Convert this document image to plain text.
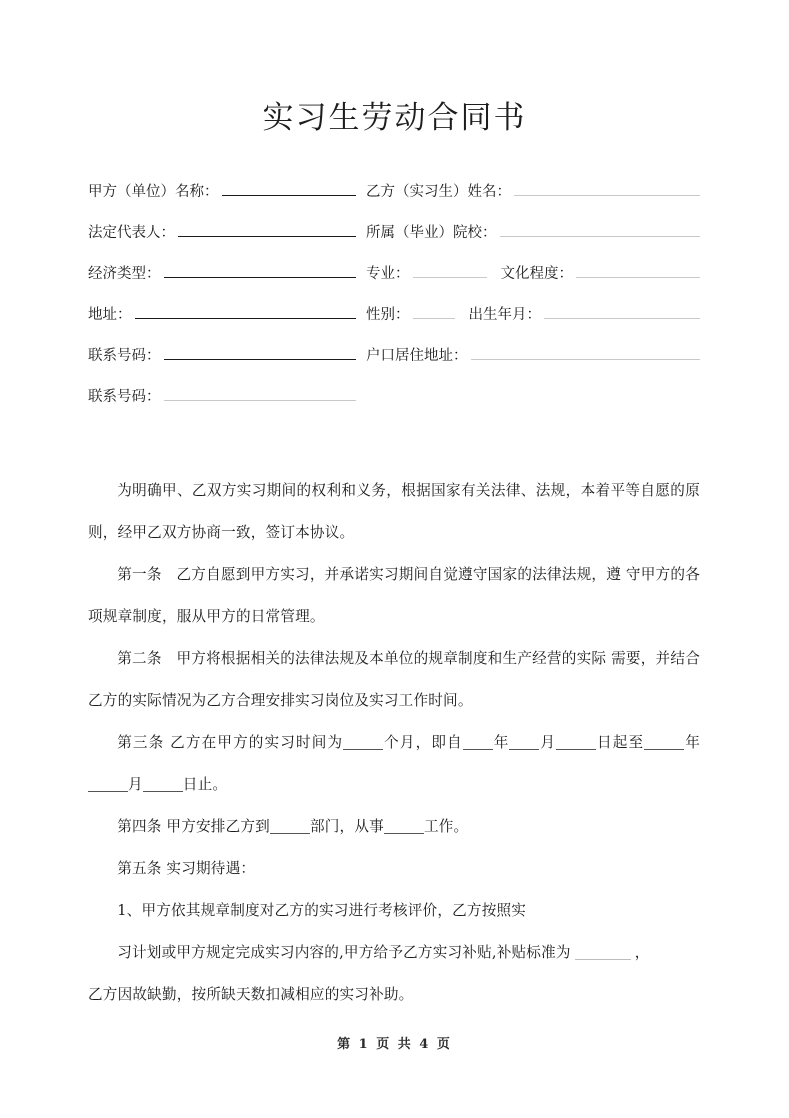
实习生劳动合同书
甲方（单位）名称：	乙方（实习生）姓名：
法定代表人：	所属（毕业）院校：
经济类型：	专业：	文化程度：
地址：	性别：	出生年月：
联系号码：	户口居住地址：
联系号码：

为明确甲、乙双方实习期间的权利和义务，根据国家有关法律、法规，本着平等自愿的原则，经甲乙双方协商一致，签订本协议。

第一条　乙方自愿到甲方实习，并承诺实习期间自觉遵守国家的法律法规，遵 守甲方的各项规章制度，服从甲方的日常管理。

第二条　甲方将根据相关的法律法规及本单位的规章制度和生产经营的实际 需要，并结合乙方的实际情况为乙方合理安排实习岗位及实习工作时间。

第三条 乙方在甲方的实习时间为	个月，即自 年 月	日起至	年月	日止。

第四条 甲方安排乙方到	部门，从事	工作。

第五条 实习期待遇：

1、甲方依其规章制度对乙方的实习进行考核评价，乙方按照实

习计划或甲方规定完成实习内容的,甲方给予乙方实习补贴,补贴标准为	，

乙方因故缺勤，按所缺天数扣减相应的实习补助。

第 1 页 共 4 页
